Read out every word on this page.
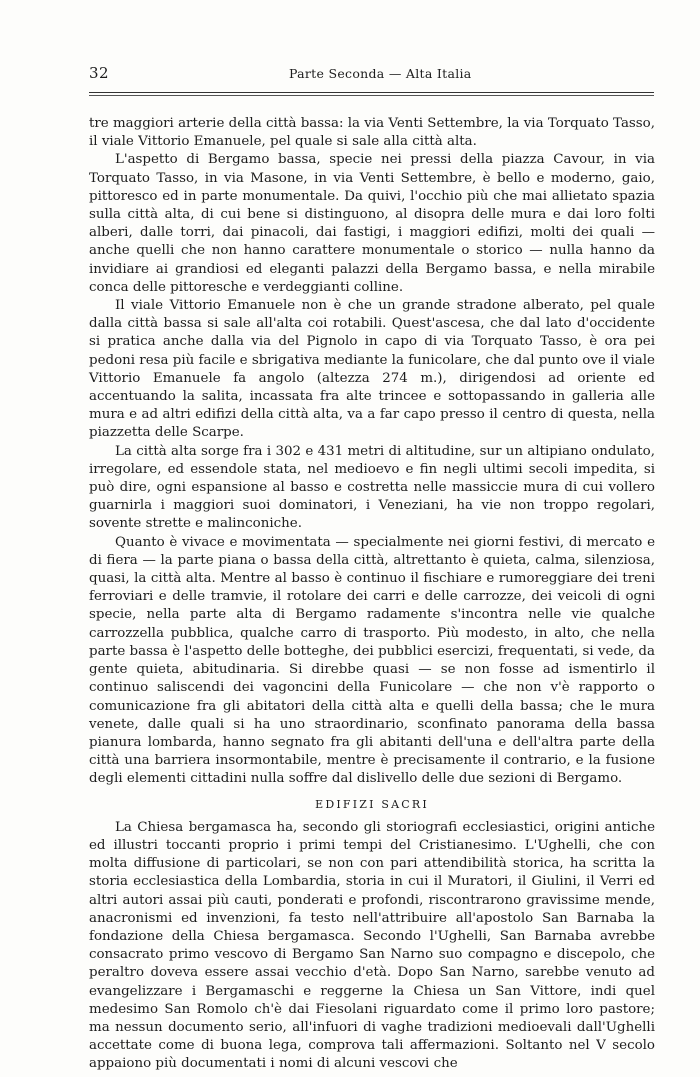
32	Parte Seconda — Alta Italia

tre maggiori arterie della città bassa: la via Venti Settembre, la via Torquato Tasso, il viale Vittorio Emanuele, pel quale si sale alla città alta.

L'aspetto di Bergamo bassa, specie nei pressi della piazza Cavour, in via Torquato Tasso, in via Masone, in via Venti Settembre, è bello e moderno, gaio, pittoresco ed in parte monumentale. Da quivi, l'occhio più che mai allietato spazia sulla città alta, di cui bene si distinguono, al disopra delle mura e dai loro folti alberi, dalle torri, dai pinacoli, dai fastigi, i maggiori edifizi, molti dei quali — anche quelli che non hanno carattere monumentale o storico — nulla hanno da invidiare ai grandiosi ed eleganti palazzi della Bergamo bassa, e nella mirabile conca delle pittoresche e verdeggianti colline.

Il viale Vittorio Emanuele non è che un grande stradone alberato, pel quale dalla città bassa si sale all'alta coi rotabili. Quest'ascesa, che dal lato d'occidente si pratica anche dalla via del Pignolo in capo di via Torquato Tasso, è ora pei pedoni resa più facile e sbrigativa mediante la funicolare, che dal punto ove il viale Vittorio Emanuele fa angolo (altezza 274 m.), dirigendosi ad oriente ed accentuando la salita, incassata fra alte trincee e sottopassando in galleria alle mura e ad altri edifizi della città alta, va a far capo presso il centro di questa, nella piazzetta delle Scarpe.

La città alta sorge fra i 302 e 431 metri di altitudine, sur un altipiano ondulato, irregolare, ed essendole stata, nel medioevo e fin negli ultimi secoli impedita, si può dire, ogni espansione al basso e costretta nelle massiccie mura di cui vollero guarnirla i maggiori suoi dominatori, i Veneziani, ha vie non troppo regolari, sovente strette e malinconiche.

Quanto è vivace e movimentata — specialmente nei giorni festivi, di mercato e di fiera — la parte piana o bassa della città, altrettanto è quieta, calma, silenziosa, quasi, la città alta. Mentre al basso è continuo il fischiare e rumoreggiare dei treni ferroviari e delle tramvie, il rotolare dei carri e delle carrozze, dei veicoli di ogni specie, nella parte alta di Bergamo radamente s'incontra nelle vie qualche carrozzella pubblica, qualche carro di trasporto. Più modesto, in alto, che nella parte bassa è l'aspetto delle botteghe, dei pubblici esercizi, frequentati, si vede, da gente quieta, abitudinaria. Si direbbe quasi — se non fosse ad ismentirlo il continuo saliscendi dei vagoncini della Funicolare — che non v'è rapporto o comunicazione fra gli abitatori della città alta e quelli della bassa; che le mura venete, dalle quali si ha uno straordinario, sconfinato panorama della bassa pianura lombarda, hanno segnato fra gli abitanti dell'una e dell'altra parte della città una barriera insormontabile, mentre è precisamente il contrario, e la fusione degli elementi cittadini nulla soffre dal dislivello delle due sezioni di Bergamo.

EDIFIZI SACRI

La Chiesa bergamasca ha, secondo gli storiografi ecclesiastici, origini antiche ed illustri toccanti proprio i primi tempi del Cristianesimo. L'Ughelli, che con molta diffusione di particolari, se non con pari attendibilità storica, ha scritta la storia ecclesiastica della Lombardia, storia in cui il Muratori, il Giulini, il Verri ed altri autori assai più cauti, ponderati e profondi, riscontrarono gravissime mende, anacronismi ed invenzioni, fa testo nell'attribuire all'apostolo San Barnaba la fondazione della Chiesa bergamasca. Secondo l'Ughelli, San Barnaba avrebbe consacrato primo vescovo di Bergamo San Narno suo compagno e discepolo, che peraltro doveva essere assai vecchio d'età. Dopo San Narno, sarebbe venuto ad evangelizzare i Bergamaschi e reggerne la Chiesa un San Vittore, indi quel medesimo San Romolo ch'è dai Fiesolani riguardato come il primo loro pastore; ma nessun documento serio, all'infuori di vaghe tradizioni medioevali dall'Ughelli accettate come di buona lega, comprova tali affermazioni. Soltanto nel V secolo appaiono più documentati i nomi di alcuni vescovi che
